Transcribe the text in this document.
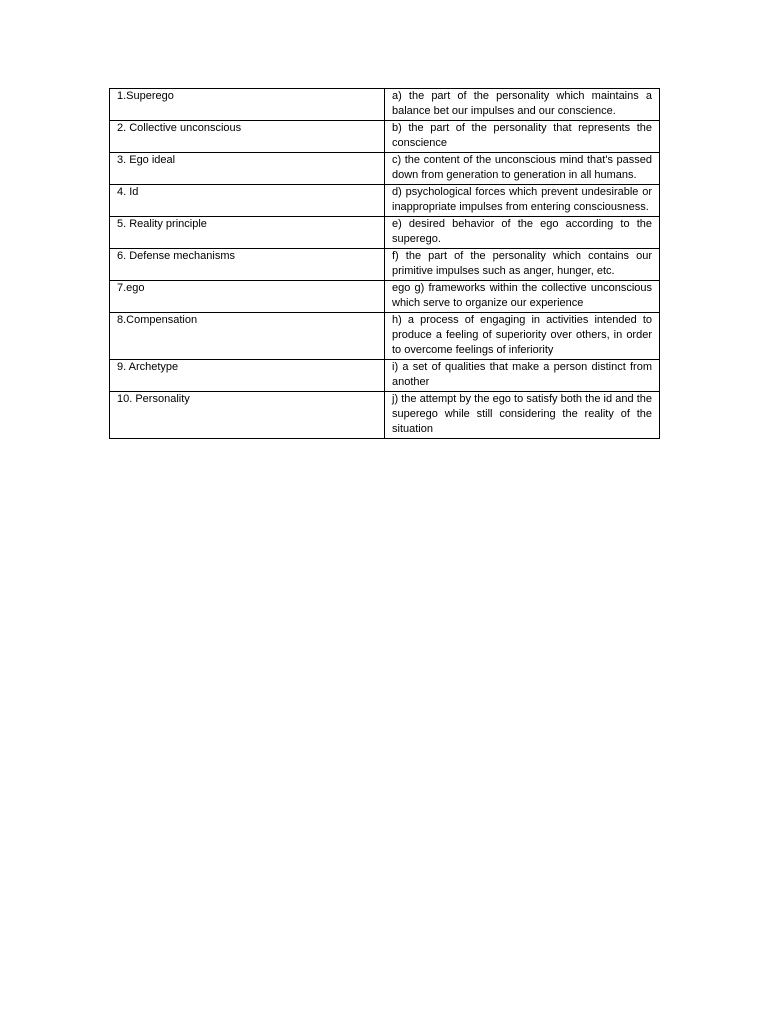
1.Superego	a) the part of the personality which maintains a balance bet our impulses and our conscience.
2. Collective unconscious	b) the part of the personality that represents the conscience
3. Ego ideal	c) the content of the unconscious mind that's passed down from generation to generation in all humans.
4. Id	d) psychological forces which prevent undesirable or inappropriate impulses from entering consciousness.
5. Reality principle	e) desired behavior of the ego according to the superego.
6. Defense mechanisms	f) the part of the personality which contains our primitive impulses such as anger, hunger, etc.
7.ego	ego g) frameworks within the collective unconscious which serve to organize our experience
8.Compensation	h) a process of engaging in activities intended to produce a feeling of superiority over others, in order to overcome feelings of inferiority
9. Archetype	i) a set of qualities that make a person distinct from another
10. Personality	j) the attempt by the ego to satisfy both the id and the superego while still considering the reality of the situation
